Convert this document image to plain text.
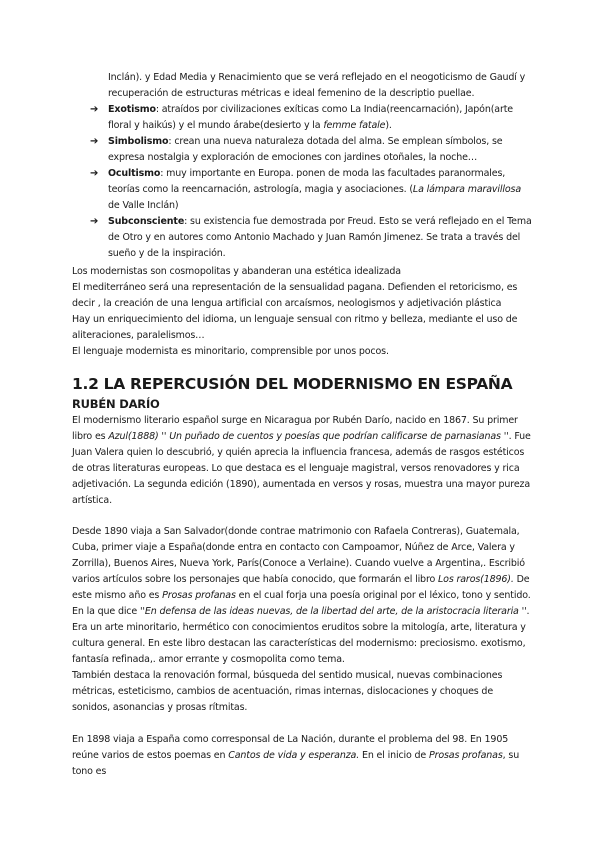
Inclán). y Edad Media y Renacimiento que se verá reflejado en el neogoticismo de Gaudí y recuperación de estructuras métricas e ideal femenino de la descriptio puellae.
➔ Exotismo: atraídos por civilizaciones exíticas como La India(reencarnación), Japón(arte floral y haikús) y el mundo árabe(desierto y la femme fatale).
➔ Simbolismo: crean una nueva naturaleza dotada del alma. Se emplean símbolos, se expresa nostalgia y exploración de emociones con jardines otoñales, la noche…
➔ Ocultismo: muy importante en Europa. ponen de moda las facultades paranormales, teorías como la reencarnación, astrología, magia y asociaciones. (La lámpara maravillosa de Valle Inclán)
➔ Subconsciente: su existencia fue demostrada por Freud. Esto se verá reflejado en el Tema de Otro y en autores como Antonio Machado y Juan Ramón Jimenez. Se trata a través del sueño y de la inspiración.
Los modernistas son cosmopolitas y abanderan una estética idealizada
El mediterráneo será una representación de la sensualidad pagana. Defienden el retoricismo, es decir , la creación de una lengua artificial con arcaísmos, neologismos y adjetivación plástica
Hay un enriquecimiento del idioma, un lenguaje sensual con ritmo y belleza, mediante el uso de aliteraciones, paralelismos…
El lenguaje modernista es minoritario, comprensible por unos pocos.
1.2 LA REPERCUSIÓN DEL MODERNISMO EN ESPAÑA
RUBÉN DARÍO
El modernismo literario español surge en Nicaragua por Rubén Darío, nacido en 1867. Su primer libro es Azul(1888) '' Un puñado de cuentos y poesías que podrían calificarse de parnasianas ''. Fue Juan Valera quien lo descubrió, y quién aprecia la influencia francesa, además de rasgos estéticos de otras literaturas europeas. Lo que destaca es el lenguaje magistral, versos renovadores y rica adjetivación. La segunda edición (1890), aumentada en versos y rosas, muestra una mayor pureza artística.
Desde 1890 viaja a San Salvador(donde contrae matrimonio con Rafaela Contreras), Guatemala, Cuba, primer viaje a España(donde entra en contacto con Campoamor, Núñez de Arce, Valera y Zorrilla), Buenos Aires, Nueva York, París(Conoce a Verlaine). Cuando vuelve a Argentina,. Escribió varios artículos sobre los personajes que había conocido, que formarán el libro Los raros(1896). De este mismo año es Prosas profanas en el cual forja una poesía original por el léxico, tono y sentido. En la que dice ''En defensa de las ideas nuevas, de la libertad del arte, de la aristocracia literaria ''. Era un arte minoritario, hermético con conocimientos eruditos sobre la mitología, arte, literatura y cultura general. En este libro destacan las características del modernismo: preciosismo. exotismo, fantasía refinada,. amor errante y cosmopolita como tema.
También destaca la renovación formal, búsqueda del sentido musical, nuevas combinaciones métricas, esteticismo, cambios de acentuación, rimas internas, dislocaciones y choques de sonidos, asonancias y prosas rítmitas.
En 1898 viaja a España como corresponsal de La Nación, durante el problema del 98. En 1905 reúne varios de estos poemas en Cantos de vida y esperanza. En el inicio de Prosas profanas, su tono es
